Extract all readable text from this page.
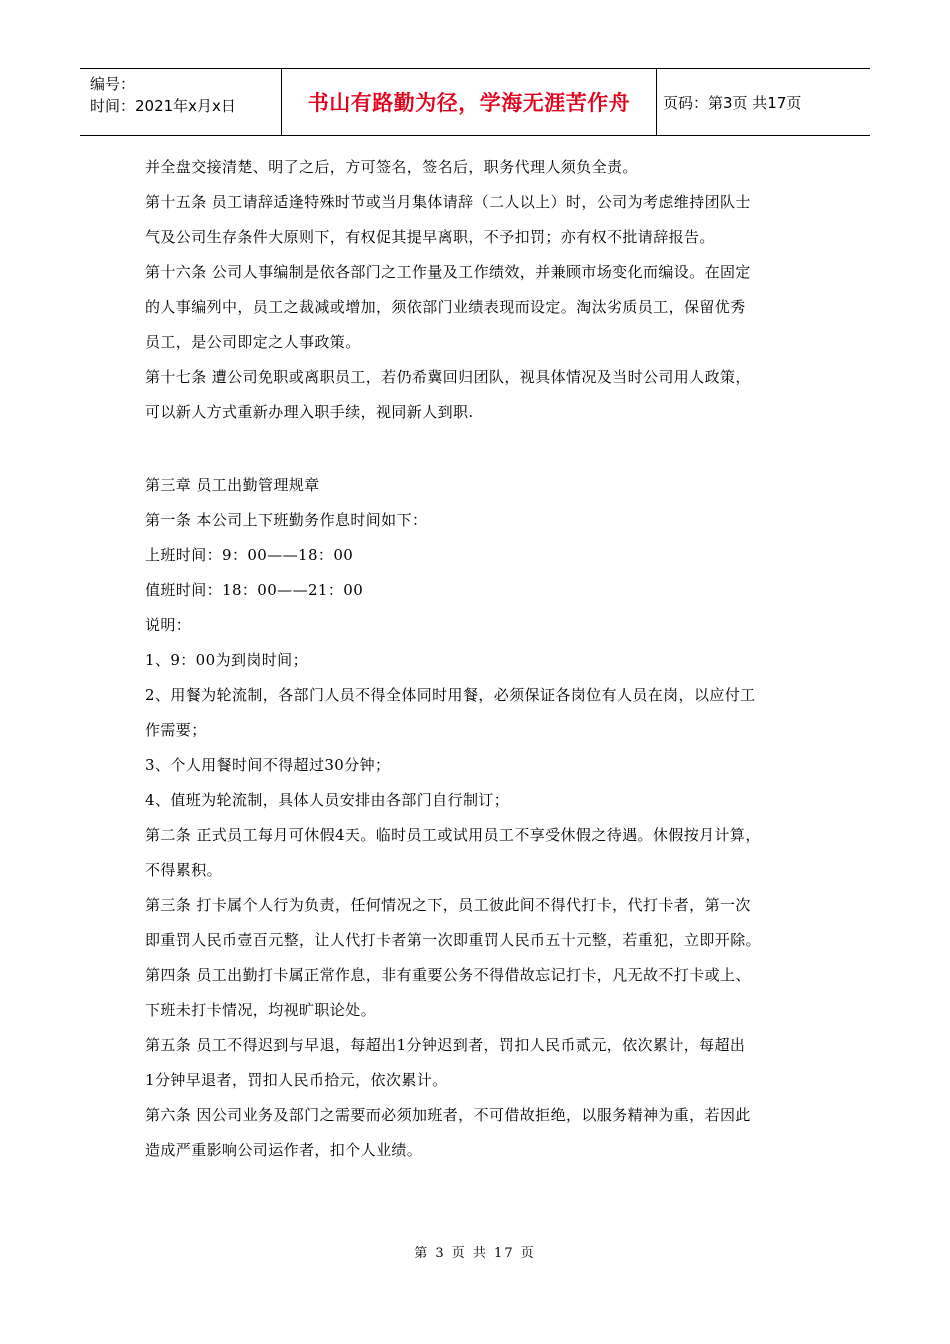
编号：
时间：2021年x月x日	书山有路勤为径，学海无涯苦作舟	页码：第3页 共17页
并全盘交接清楚、明了之后，方可签名，签名后，职务代理人须负全责。
第十五条 员工请辞适逢特殊时节或当月集体请辞（二人以上）时，公司为考虑维持团队士
气及公司生存条件大原则下，有权促其提早离职，不予扣罚；亦有权不批请辞报告。
第十六条 公司人事编制是依各部门之工作量及工作绩效，并兼顾市场变化而编设。在固定
的人事编列中，员工之裁减或增加，须依部门业绩表现而设定。淘汰劣质员工，保留优秀
员工，是公司即定之人事政策。
第十七条 遭公司免职或离职员工，若仍希冀回归团队，视具体情况及当时公司用人政策，
可以新人方式重新办理入职手续，视同新人到职.
第三章 员工出勤管理规章
第一条 本公司上下班勤务作息时间如下：
上班时间：9：00——18：00
值班时间：18：00——21：00
说明：
1、9：00为到岗时间；
2、用餐为轮流制，各部门人员不得全体同时用餐，必须保证各岗位有人员在岗，以应付工
作需要；
3、个人用餐时间不得超过30分钟；
4、值班为轮流制，具体人员安排由各部门自行制订；
第二条 正式员工每月可休假4天。临时员工或试用员工不享受休假之待遇。休假按月计算，
不得累积。
第三条 打卡属个人行为负责，任何情况之下，员工彼此间不得代打卡，代打卡者，第一次
即重罚人民币壹百元整，让人代打卡者第一次即重罚人民币五十元整，若重犯，立即开除。
第四条 员工出勤打卡属正常作息，非有重要公务不得借故忘记打卡，凡无故不打卡或上、
下班未打卡情况，均视旷职论处。
第五条 员工不得迟到与早退，每超出1分钟迟到者，罚扣人民币贰元，依次累计，每超出
1分钟早退者，罚扣人民币拾元，依次累计。
第六条 因公司业务及部门之需要而必须加班者，不可借故拒绝，以服务精神为重，若因此
造成严重影响公司运作者，扣个人业绩。
第 3 页 共 17 页
